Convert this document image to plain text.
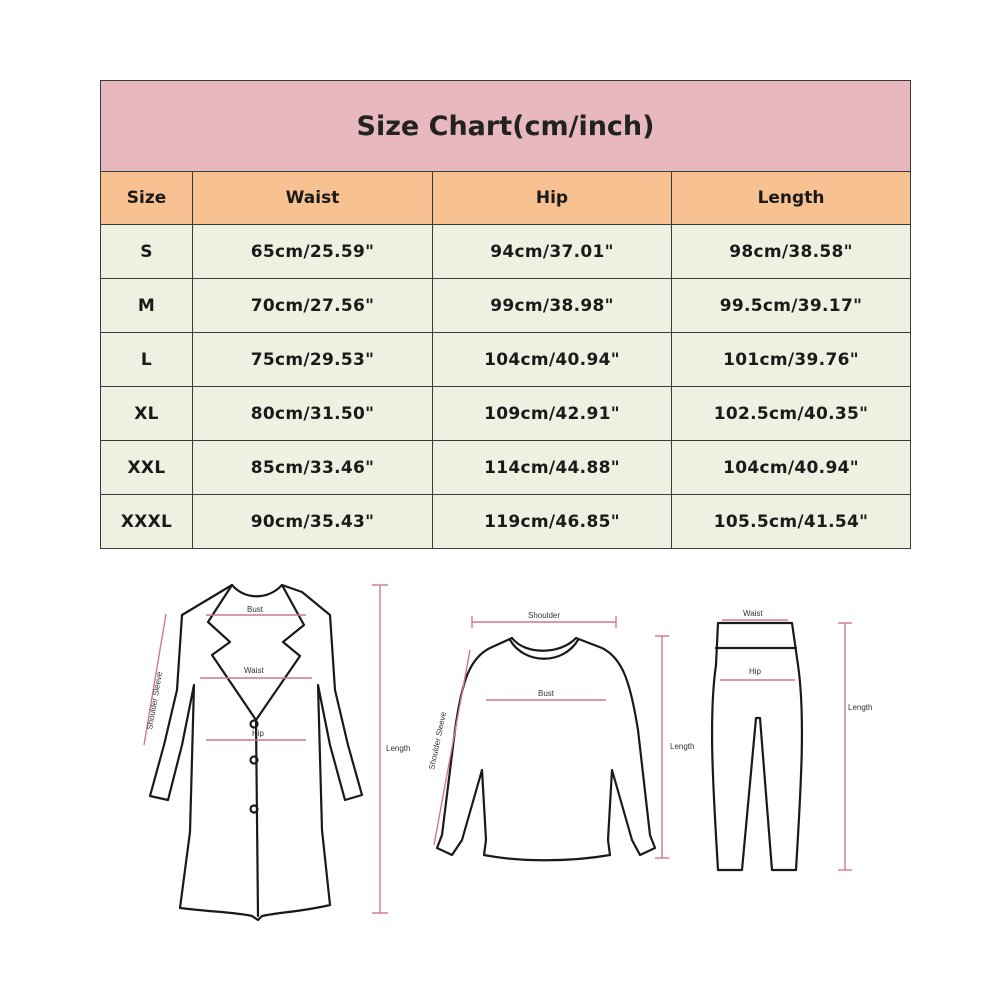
Size Chart(cm/inch)			
Size	Waist	Hip	Length
S	65cm/25.59"	94cm/37.01"	98cm/38.58"
M	70cm/27.56"	99cm/38.98"	99.5cm/39.17"
L	75cm/29.53"	104cm/40.94"	101cm/39.76"
XL	80cm/31.50"	109cm/42.91"	102.5cm/40.35"
XXL	85cm/33.46"	114cm/44.88"	104cm/40.94"
XXXL	90cm/35.43"	119cm/46.85"	105.5cm/41.54"
Bust
Waist
Hip
Shoulder Sleeve
Length
Shoulder
Bust
Shoulder Sleeve	Length
Waist
Hip
Length
